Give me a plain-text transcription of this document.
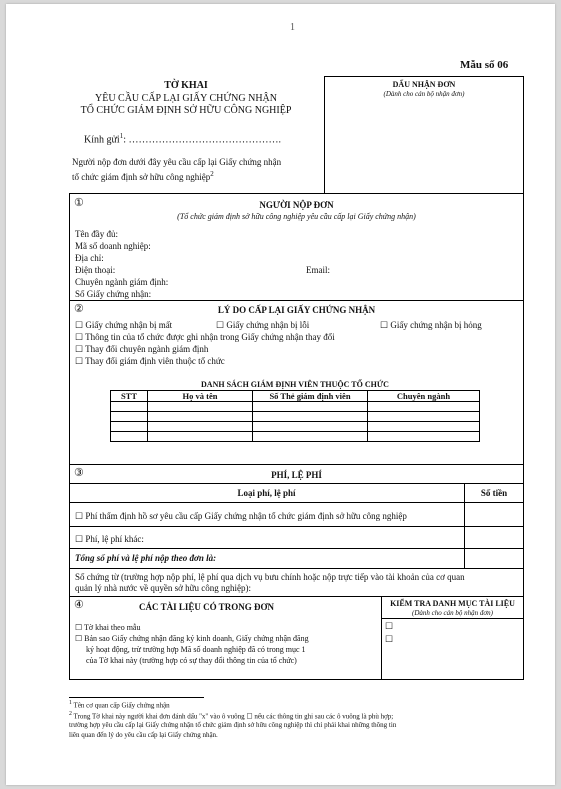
1
Mẫu số 06
TỜ KHAI
YÊU CẦU CẤP LẠI GIẤY CHỨNG NHẬN
TỔ CHỨC GIÁM ĐỊNH SỞ HỮU CÔNG NGHIỆP
Kính gửi$^1$: ……………………………………….
Người nộp đơn dưới đây yêu cầu cấp lại Giấy chứng nhận
tổ chức giám định sở hữu công nghiệp$^2$
DẤU NHẬN ĐƠN
(Dành cho cán bộ nhận đơn)
①	NGƯỜI NỘP ĐƠN
(Tổ chức giám định sở hữu công nghiệp yêu cầu cấp lại Giấy chứng nhận)
Tên đầy đủ:
Mã số doanh nghiệp:
Địa chỉ:
Điện thoại:	Email:
Chuyên ngành giám định:
Số Giấy chứng nhận:
②	LÝ DO CẤP LẠI GIẤY CHỨNG NHẬN
☐ Giấy chứng nhận bị mất	☐ Giấy chứng nhận bị lỗi	☐ Giấy chứng nhận bị hỏng
☐ Thông tin của tổ chức được ghi nhận trong Giấy chứng nhận thay đổi
☐ Thay đổi chuyên ngành giám định
☐ Thay đổi giám định viên thuộc tổ chức
DANH SÁCH GIÁM ĐỊNH VIÊN THUỘC TỔ CHỨC
STT	Họ và tên	Số Thẻ giám định viên	Chuyên ngành

③	PHÍ, LỆ PHÍ
Loại phí, lệ phí	Số tiền
☐ Phí thẩm định hồ sơ yêu cầu cấp Giấy chứng nhận tổ chức giám định sở hữu công nghiệp
☐ Phí, lệ phí khác:
Tổng số phí và lệ phí nộp theo đơn là:
Số chứng từ (trường hợp nộp phí, lệ phí qua dịch vụ bưu chính hoặc nộp trực tiếp vào tài khoản của cơ quan
quản lý nhà nước về quyền sở hữu công nghiệp):
④	CÁC TÀI LIỆU CÓ TRONG ĐƠN
☐ Tờ khai theo mẫu
☐ Bản sao Giấy chứng nhận đăng ký kinh doanh, Giấy chứng nhận đăng
ký hoạt động, trừ trường hợp Mã số doanh nghiệp đã có trong mục 1
của Tờ khai này (trường hợp có sự thay đổi thông tin của tổ chức)
KIỂM TRA DANH MỤC TÀI LIỆU
(Dành cho cán bộ nhận đơn)
☐
☐
$^1$ Tên cơ quan cấp Giấy chứng nhận
$^2$ Trong Tờ khai này người khai đơn đánh dấu "x" vào ô vuông ☐ nếu các thông tin ghi sau các ô vuông là phù hợp;
trường hợp yêu cầu cấp lại Giấy chứng nhận tổ chức giám định sở hữu công nghiệp thì chỉ phải khai những thông tin
liên quan đến lý do yêu cầu cấp lại Giấy chứng nhận.
